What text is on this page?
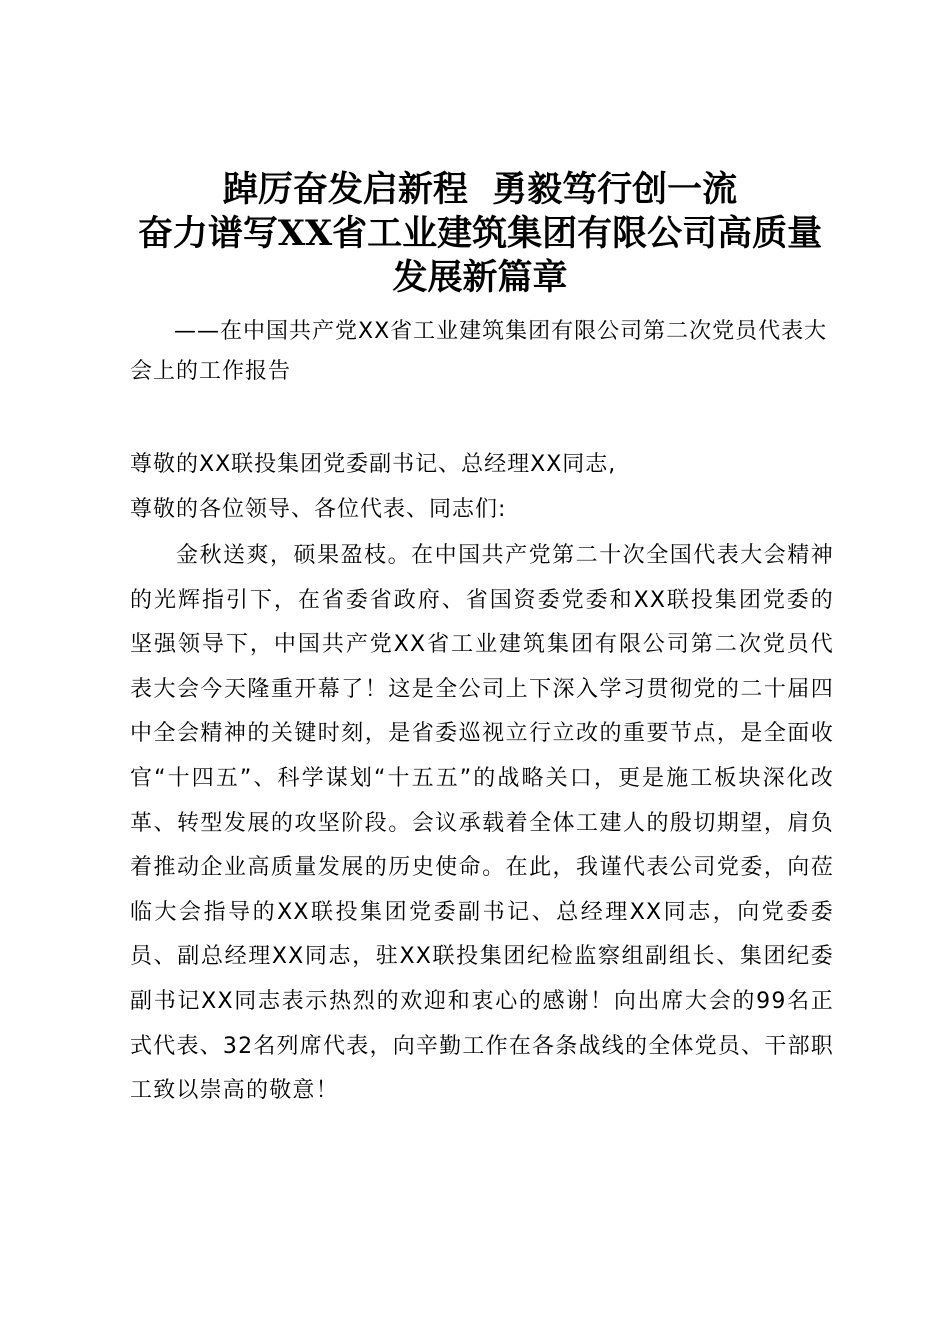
踔厉奋发启新程  勇毅笃行创一流
奋力谱写XX省工业建筑集团有限公司高质量
发展新篇章
——在中国共产党XX省工业建筑集团有限公司第二次党员代表大会上的工作报告
尊敬的XX联投集团党委副书记、总经理XX同志,
尊敬的各位领导、各位代表、同志们:
金秋送爽，硕果盈枝。在中国共产党第二十次全国代表大会精神的光辉指引下，在省委省政府、省国资委党委和XX联投集团党委的坚强领导下，中国共产党XX省工业建筑集团有限公司第二次党员代表大会今天隆重开幕了！这是全公司上下深入学习贯彻党的二十届四中全会精神的关键时刻，是省委巡视立行立改的重要节点，是全面收官“十四五”、科学谋划“十五五”的战略关口，更是施工板块深化改革、转型发展的攻坚阶段。会议承载着全体工建人的殷切期望，肩负着推动企业高质量发展的历史使命。在此，我谨代表公司党委，向莅临大会指导的XX联投集团党委副书记、总经理XX同志，向党委委员、副总经理XX同志，驻XX联投集团纪检监察组副组长、集团纪委副书记XX同志表示热烈的欢迎和衷心的感谢！向出席大会的99名正式代表、32名列席代表，向辛勤工作在各条战线的全体党员、干部职工致以崇高的敬意！
